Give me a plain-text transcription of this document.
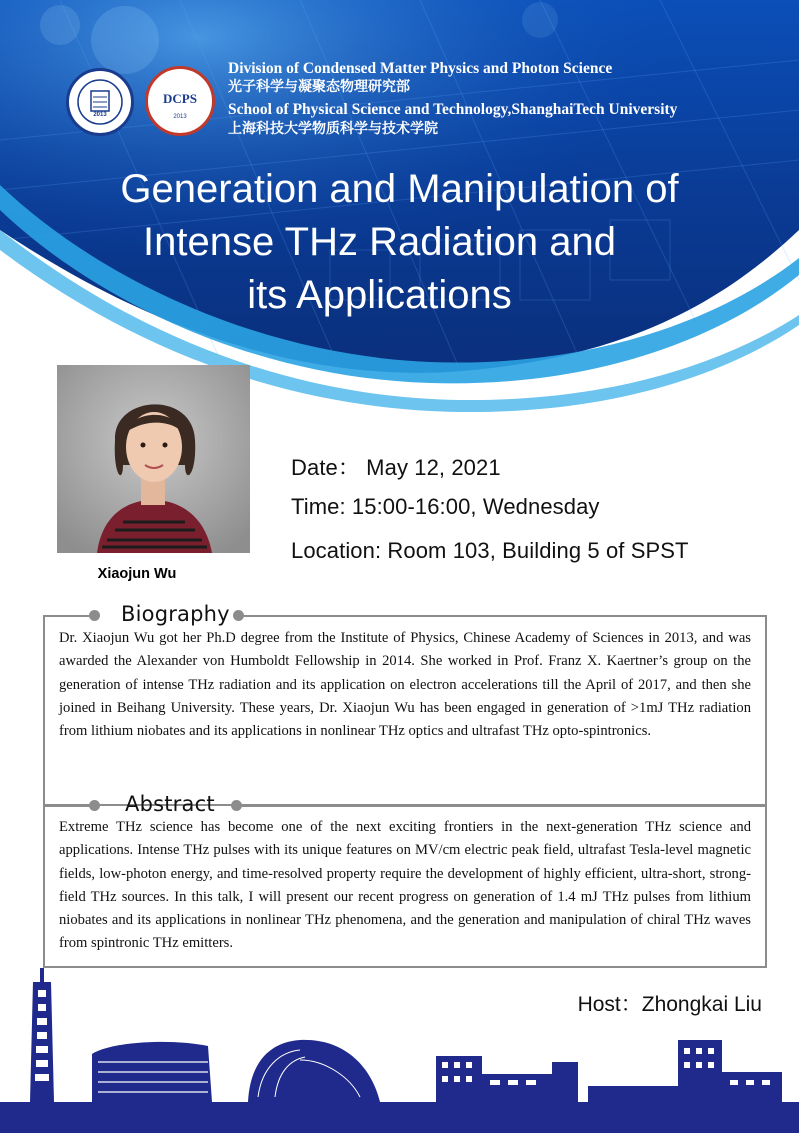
2013
DCPS
2013
Division of Condensed Matter Physics and Photon Science
光子科学与凝聚态物理研究部
School of Physical Science and Technology,ShanghaiTech University
上海科技大学物质科学与技术学院
Generation and Manipulation of
Intense THz Radiation and
its Applications
Xiaojun Wu
Date： May 12, 2021
Time: 15:00-16:00, Wednesday
Location: Room 103, Building 5 of SPST
Biography

Dr. Xiaojun Wu got her Ph.D degree from the Institute of Physics, Chinese Academy of Sciences in 2013, and was awarded the Alexander von Humboldt Fellowship in 2014. She worked in Prof. Franz X. Kaertner’s group on the generation of intense THz radiation and its application on electron accelerations till the April of 2017, and then she joined in Beihang University. These years, Dr. Xiaojun Wu has been engaged in generation of >1mJ THz radiation from lithium niobates and its applications in nonlinear THz optics and ultrafast THz opto-spintronics.

Abstract

Extreme THz science has become one of the next exciting frontiers in the next-generation THz science and applications. Intense THz pulses with its unique features on MV/cm electric peak field, ultrafast Tesla-level magnetic fields, low-photon energy, and time-resolved property require the development of highly efficient, ultra-short, strong-field THz sources. In this talk, I will present our recent progress on generation of 1.4 mJ THz pulses from lithium niobates and its applications in nonlinear THz phenomena, and the generation and manipulation of chiral THz waves from spintronic THz emitters.

Host：Zhongkai Liu
